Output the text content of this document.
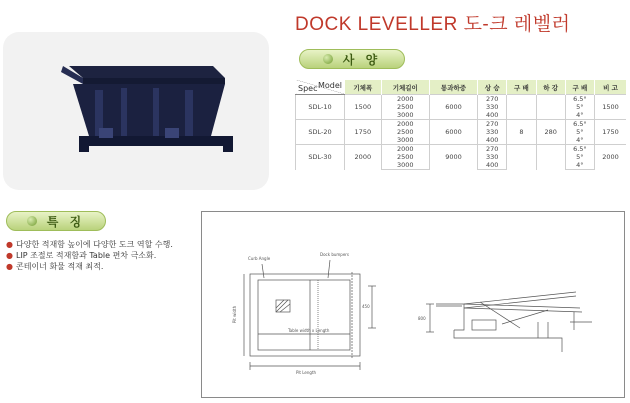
DOCK LEVELLER 도-크 레벨러
사 양
Spec Model	기체폭	기체길이	통과하중	상 승	구 배	하 강	구 배	비 고
SDL-10	1500	2000	6000	270			6.5°	1500
		2500		330			5°	
		3000		400			4°	
SDL-20	1750	2000	6000	270	8	280	6.5°	1750
		2500		330			5°	
		3000		400			4°	
SDL-30	2000	2000	9000	270			6.5°	2000
		2500		330			5°	
		3000		400			4°	
특 징
● 다양한 적재함 높이에 다양한 도크 역할 수행.
● LIP 조절로 적재함과 Table 편차 극소화.
● 콘테이너 화물 적재 최적.
Curb Angle
Dock bumpers
Pit width
Table width x Length
Pit Length
450
800
